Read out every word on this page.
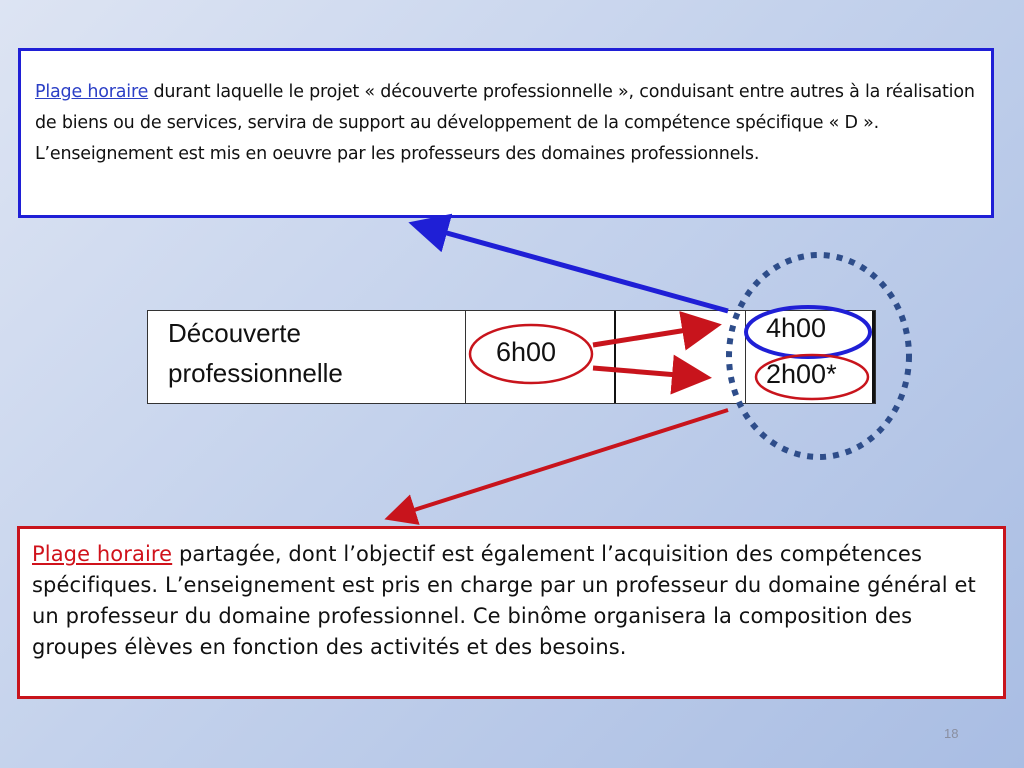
Plage horaire durant laquelle le projet « découverte professionnelle », conduisant entre autres à la réalisation de biens ou de services, servira de support au développement de la compétence spécifique « D ». L’enseignement est mis en oeuvre par les professeurs des domaines professionnels.
Découverte professionnelle
6h00
4h00
2h00*
Plage horaire partagée, dont l’objectif est également l’acquisition des compétences spécifiques. L’enseignement est pris en charge par un professeur du domaine général et un professeur du domaine professionnel. Ce binôme organisera la composition des groupes élèves en fonction des activités et des besoins.
18
